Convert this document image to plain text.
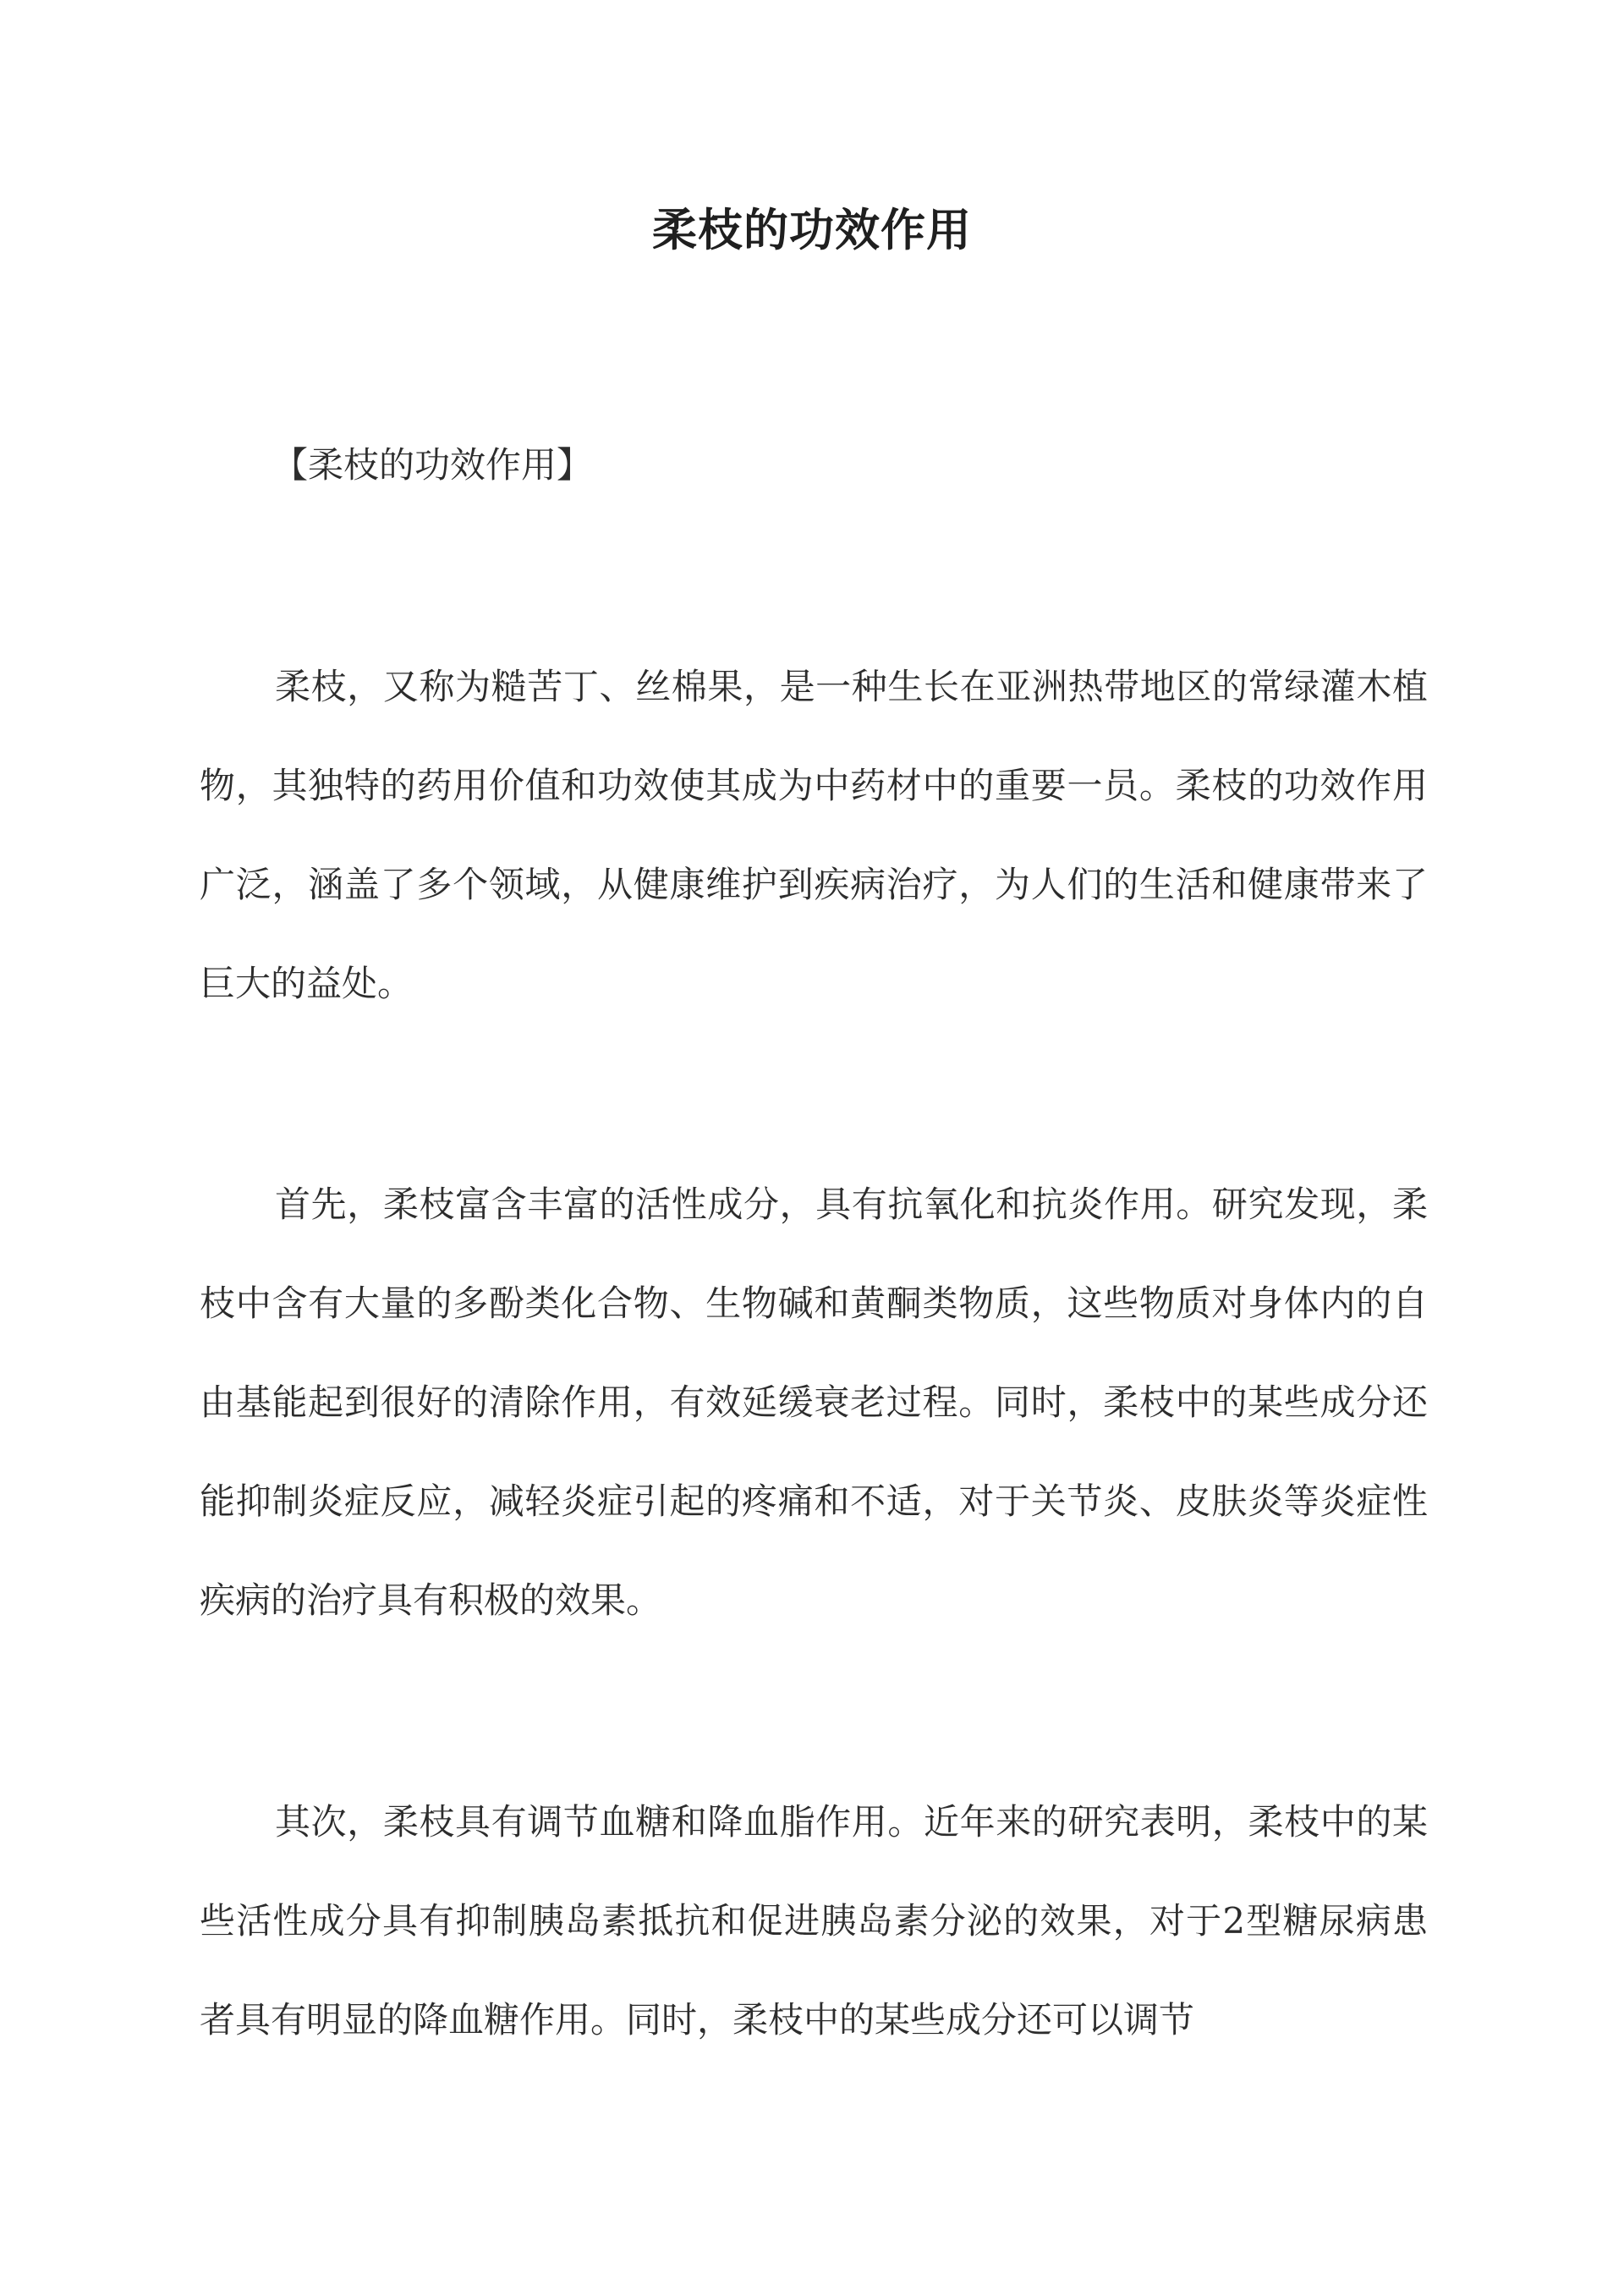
柔枝的功效作用

【柔枝的功效作用】

柔枝，又称为糙苦丁、丝棉果，是一种生长在亚洲热带地区的常绿灌木植物，其独特的药用价值和功效使其成为中药材中的重要一员。柔枝的功效作用广泛，涵盖了多个领域，从健康维护到疾病治疗，为人们的生活和健康带来了巨大的益处。

首先，柔枝富含丰富的活性成分，具有抗氧化和抗炎作用。研究发现，柔枝中含有大量的多酚类化合物、生物碱和黄酮类物质，这些物质对身体内的自由基能起到很好的清除作用，有效延缓衰老过程。同时，柔枝中的某些成分还能抑制炎症反应，减轻炎症引起的疼痛和不适，对于关节炎、皮肤炎等炎症性疾病的治疗具有积极的效果。

其次，柔枝具有调节血糖和降血脂作用。近年来的研究表明，柔枝中的某些活性成分具有抑制胰岛素抵抗和促进胰岛素分泌的效果，对于2型糖尿病患者具有明显的降血糖作用。同时，柔枝中的某些成分还可以调节
